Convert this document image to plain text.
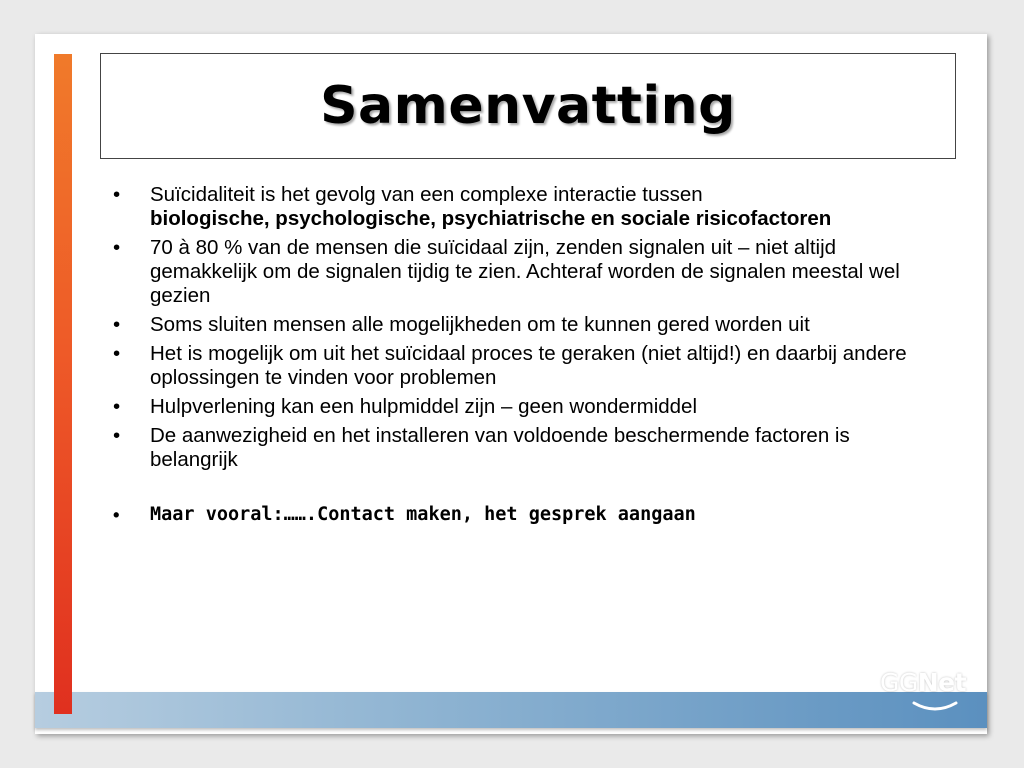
GGNet
Samenvatting
• Suïcidaliteit is het gevolg van een complexe interactie tussen
biologische, psychologische, psychiatrische en sociale risicofactoren
• 70 à 80 % van de mensen die suïcidaal zijn, zenden signalen uit – niet altijd gemakkelijk om de signalen tijdig te zien. Achteraf worden de signalen meestal wel gezien
• Soms sluiten mensen alle mogelijkheden om te kunnen gered worden uit
• Het is mogelijk om uit het suïcidaal proces te geraken (niet altijd!) en daarbij andere oplossingen te vinden voor problemen
• Hulpverlening kan een hulpmiddel zijn – geen wondermiddel
• De aanwezigheid en het installeren van voldoende beschermende factoren is belangrijk
• Maar vooral:…….Contact maken, het gesprek aangaan
